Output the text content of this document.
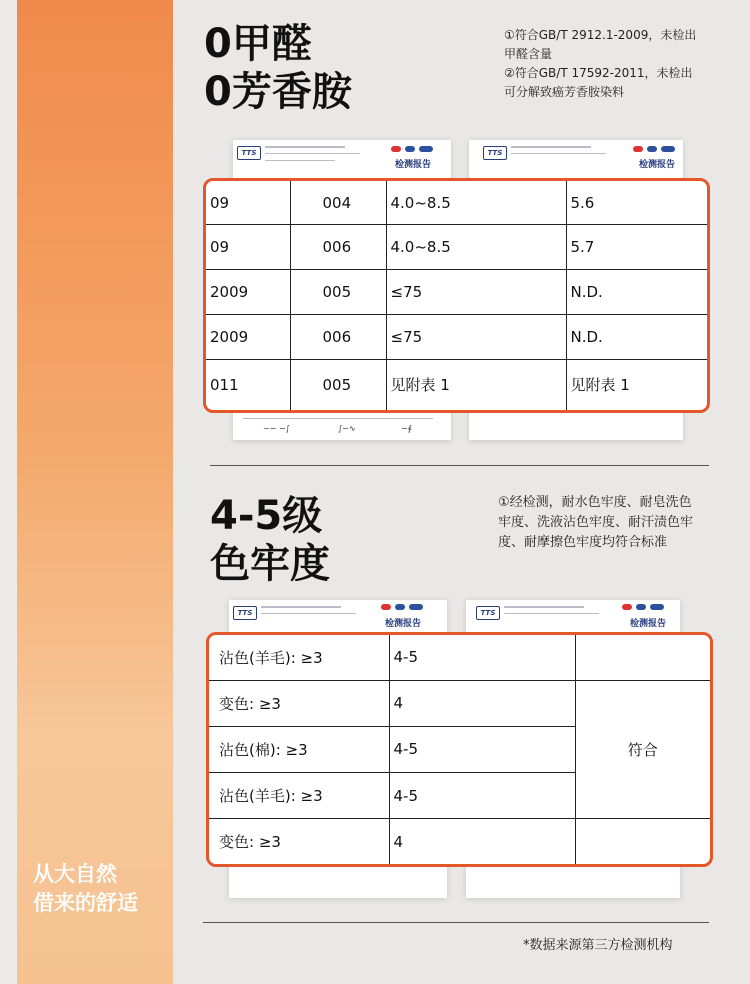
从大自然
借来的舒适
0甲醛
0芳香胺
①符合GB/T 2912.1-2009，未检出
甲醛含量
②符合GB/T 17592-2011，未检出
可分解致癌芳香胺染料
TTS
检测报告
~∽ ∽∫	∫∽∿	∽∮
TTS
检测报告
09	004	4.0~8.5	5.6
09	006	4.0~8.5	5.7
2009	005	≤75	N.D.
2009	006	≤75	N.D.
011	005	见附表 1	见附表 1
4-5级
色牢度
①经检测，耐水色牢度、耐皂洗色
牢度、洗液沾色牢度、耐汗渍色牢
度、耐摩擦色牢度均符合标准
TTS
检测报告
TTS
检测报告
沾色(羊毛): ≥3	4-5	
变色: ≥3	4	符合
沾色(棉): ≥3	4-5	
沾色(羊毛): ≥3	4-5	
变色: ≥3	4	
*数据来源第三方检测机构
